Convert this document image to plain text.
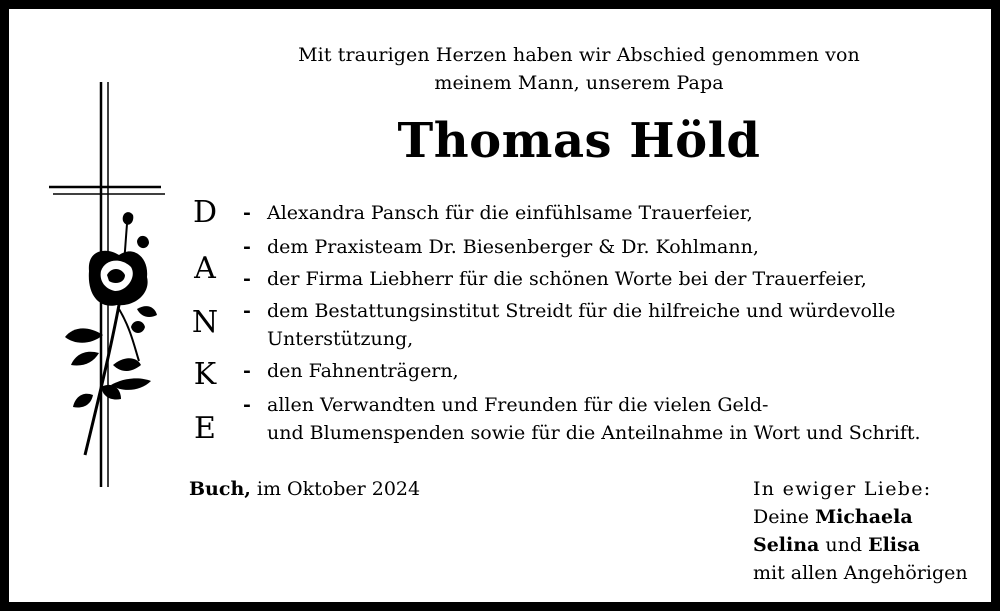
Mit traurigen Herzen haben wir Abschied genommen von
meinem Mann, unserem Papa
Thomas Höld
D
A
N
K
E
- Alexandra Pansch für die einfühlsame Trauerfeier,
- dem Praxisteam Dr. Biesenberger & Dr. Kohlmann,
- der Firma Liebherr für die schönen Worte bei der Trauerfeier,
- dem Bestattungsinstitut Streidt für die hilfreiche und würdevolle
Unterstützung,
- den Fahnenträgern,
- allen Verwandten und Freunden für die vielen Geld-
und Blumenspenden sowie für die Anteilnahme in Wort und Schrift.
Buch, im Oktober 2024	In ewiger Liebe:
Deine Michaela
Selina und Elisa
mit allen Angehörigen
